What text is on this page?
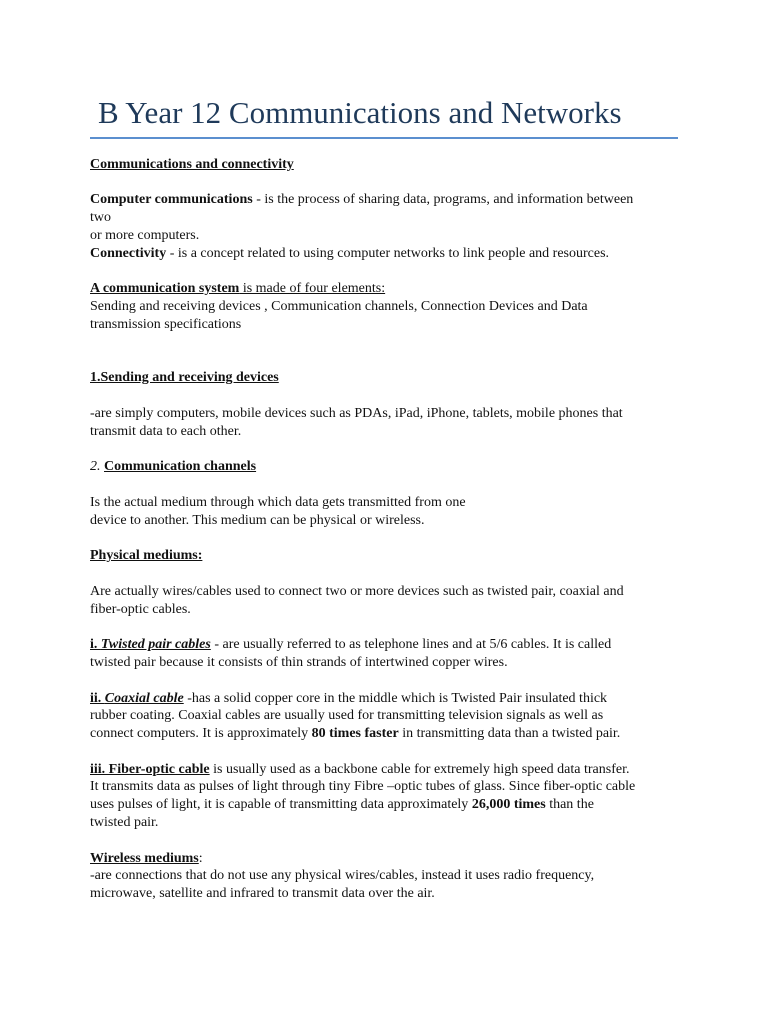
B Year 12 Communications and Networks

Communications and connectivity

Computer communications - is the process of sharing data, programs, and information between

two

or more computers.

Connectivity - is a concept related to using computer networks to link people and resources.

A communication system is made of four elements:

Sending and receiving devices , Communication channels, Connection Devices and Data

transmission specifications

1.Sending and receiving devices

-are simply computers, mobile devices such as PDAs, iPad, iPhone, tablets, mobile phones that

transmit data to each other.

2. Communication channels

Is the actual medium through which data gets transmitted from one

device to another. This medium can be physical or wireless.

Physical mediums:

Are actually wires/cables used to connect two or more devices such as twisted pair, coaxial and

fiber-optic cables.

i. Twisted pair cables - are usually referred to as telephone lines and at 5/6 cables. It is called

twisted pair because it consists of thin strands of intertwined copper wires.

ii. Coaxial cable -has a solid copper core in the middle which is Twisted Pair insulated thick

rubber coating. Coaxial cables are usually used for transmitting television signals as well as

connect computers. It is approximately 80 times faster in transmitting data than a twisted pair.

iii. Fiber-optic cable is usually used as a backbone cable for extremely high speed data transfer.

It transmits data as pulses of light through tiny Fibre –optic tubes of glass. Since fiber-optic cable

uses pulses of light, it is capable of transmitting data approximately 26,000 times than the

twisted pair.

Wireless mediums:

-are connections that do not use any physical wires/cables, instead it uses radio frequency,

microwave, satellite and infrared to transmit data over the air.
